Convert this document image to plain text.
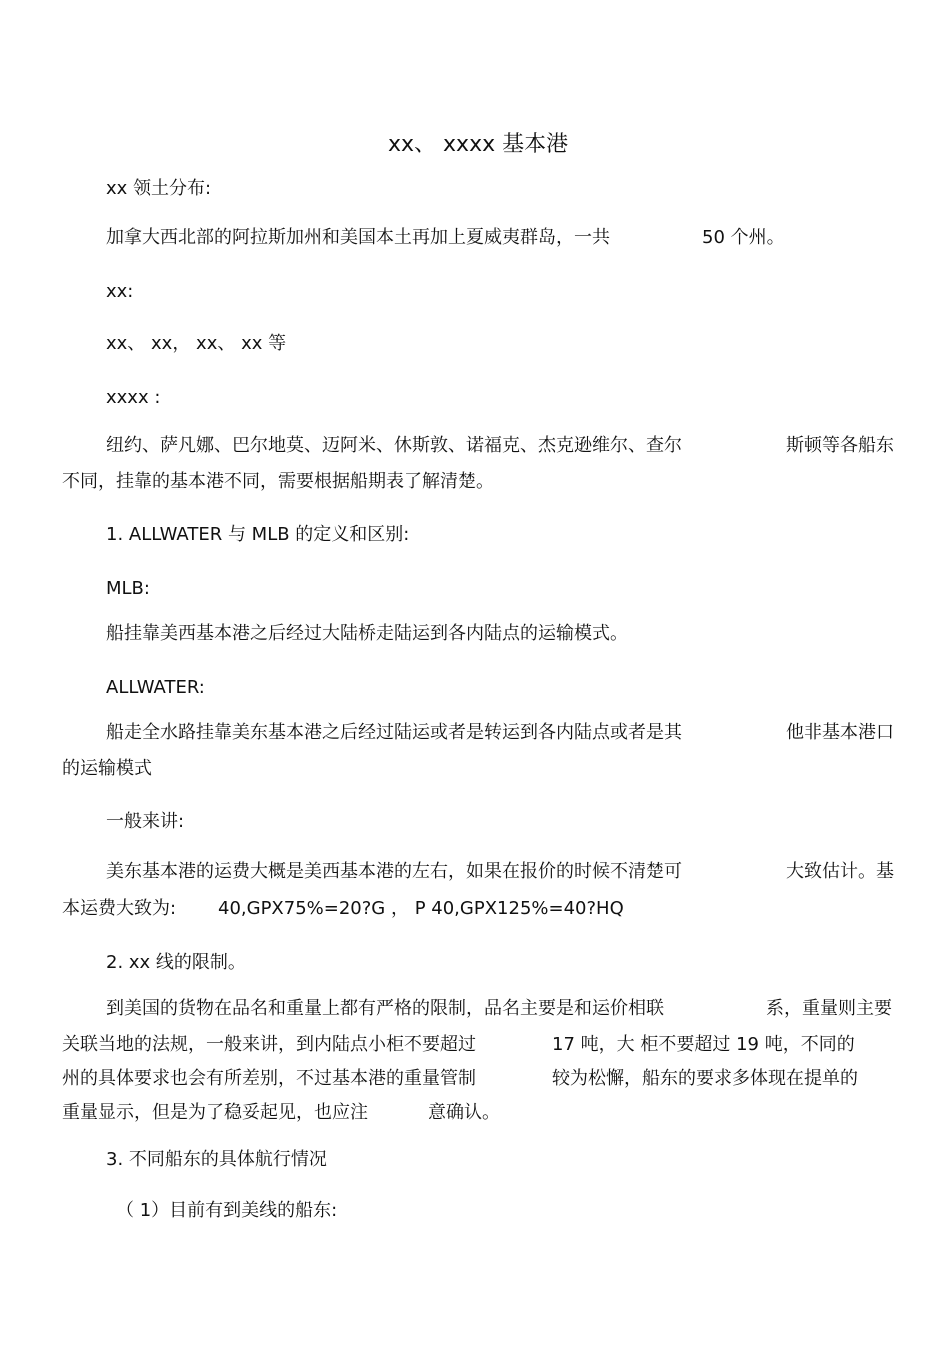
xx、 xxxx 基本港
xx 领土分布:
加拿大西北部的阿拉斯加州和美国本土再加上夏威夷群岛，一共	50 个州。
xx:
xx、 xx， xx、 xx 等
xxxx :
纽约、萨凡娜、巴尔地莫、迈阿米、休斯敦、诺福克、杰克逊维尔、查尔	斯顿等各船东
不同，挂靠的基本港不同，需要根据船期表了解清楚。
1. ALLWATER 与 MLB 的定义和区别:
MLB:
船挂靠美西基本港之后经过大陆桥走陆运到各内陆点的运输模式。
ALLWATER:
船走全水路挂靠美东基本港之后经过陆运或者是转运到各内陆点或者是其	他非基本港口
的运输模式
一般来讲:
美东基本港的运费大概是美西基本港的左右，如果在报价的时候不清楚可	大致估计。基
本运费大致为: 40,GPX75%=20?G ， P 40,GPX125%=40?HQ
2. xx 线的限制。
到美国的货物在品名和重量上都有严格的限制，品名主要是和运价相联	系，重量则主要
关联当地的法规，一般来讲，到内陆点小柜不要超过	17 吨，大 柜不要超过 19 吨，不同的
州的具体要求也会有所差别，不过基本港的重量管制	较为松懈，船东的要求多体现在提单的
重量显示，但是为了稳妥起见，也应注	意确认。
3. 不同船东的具体航行情况
（ 1）目前有到美线的船东:
